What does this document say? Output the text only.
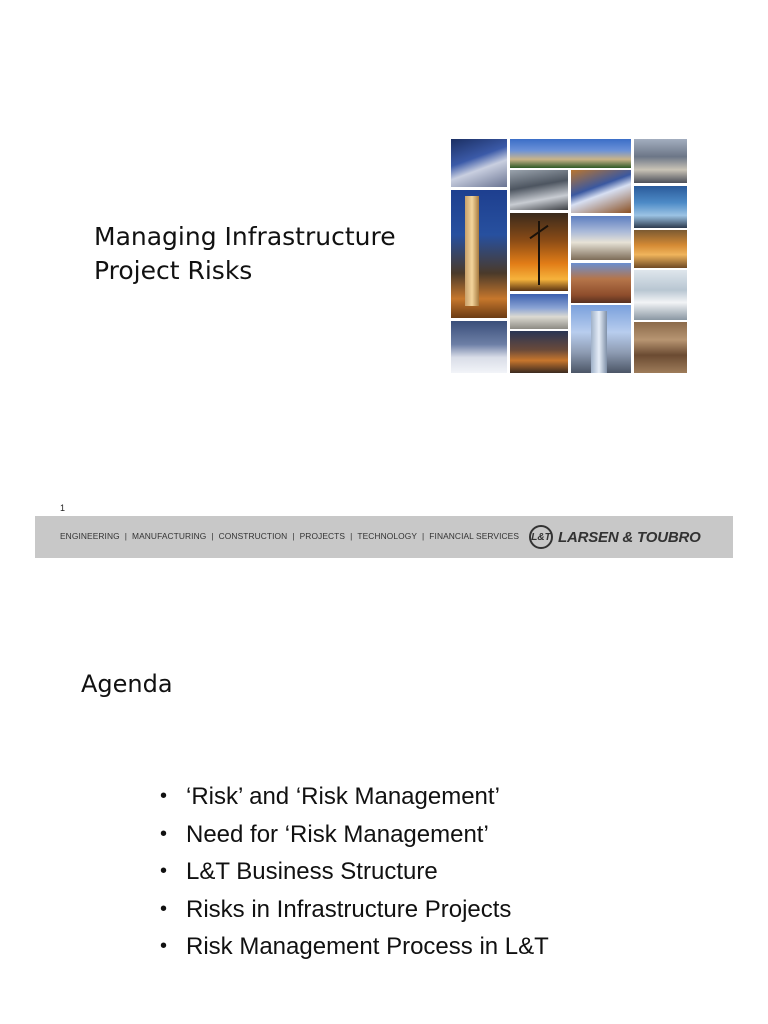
Managing Infrastructure
Project Risks
1
ENGINEERING | MANUFACTURING | CONSTRUCTION | PROJECTS | TECHNOLOGY | FINANCIAL SERVICES L&T LARSEN & TOUBRO
Agenda
• ‘Risk’ and ‘Risk Management’
• Need for ‘Risk Management’
• L&T Business Structure
• Risks in Infrastructure Projects
• Risk Management Process in L&T
